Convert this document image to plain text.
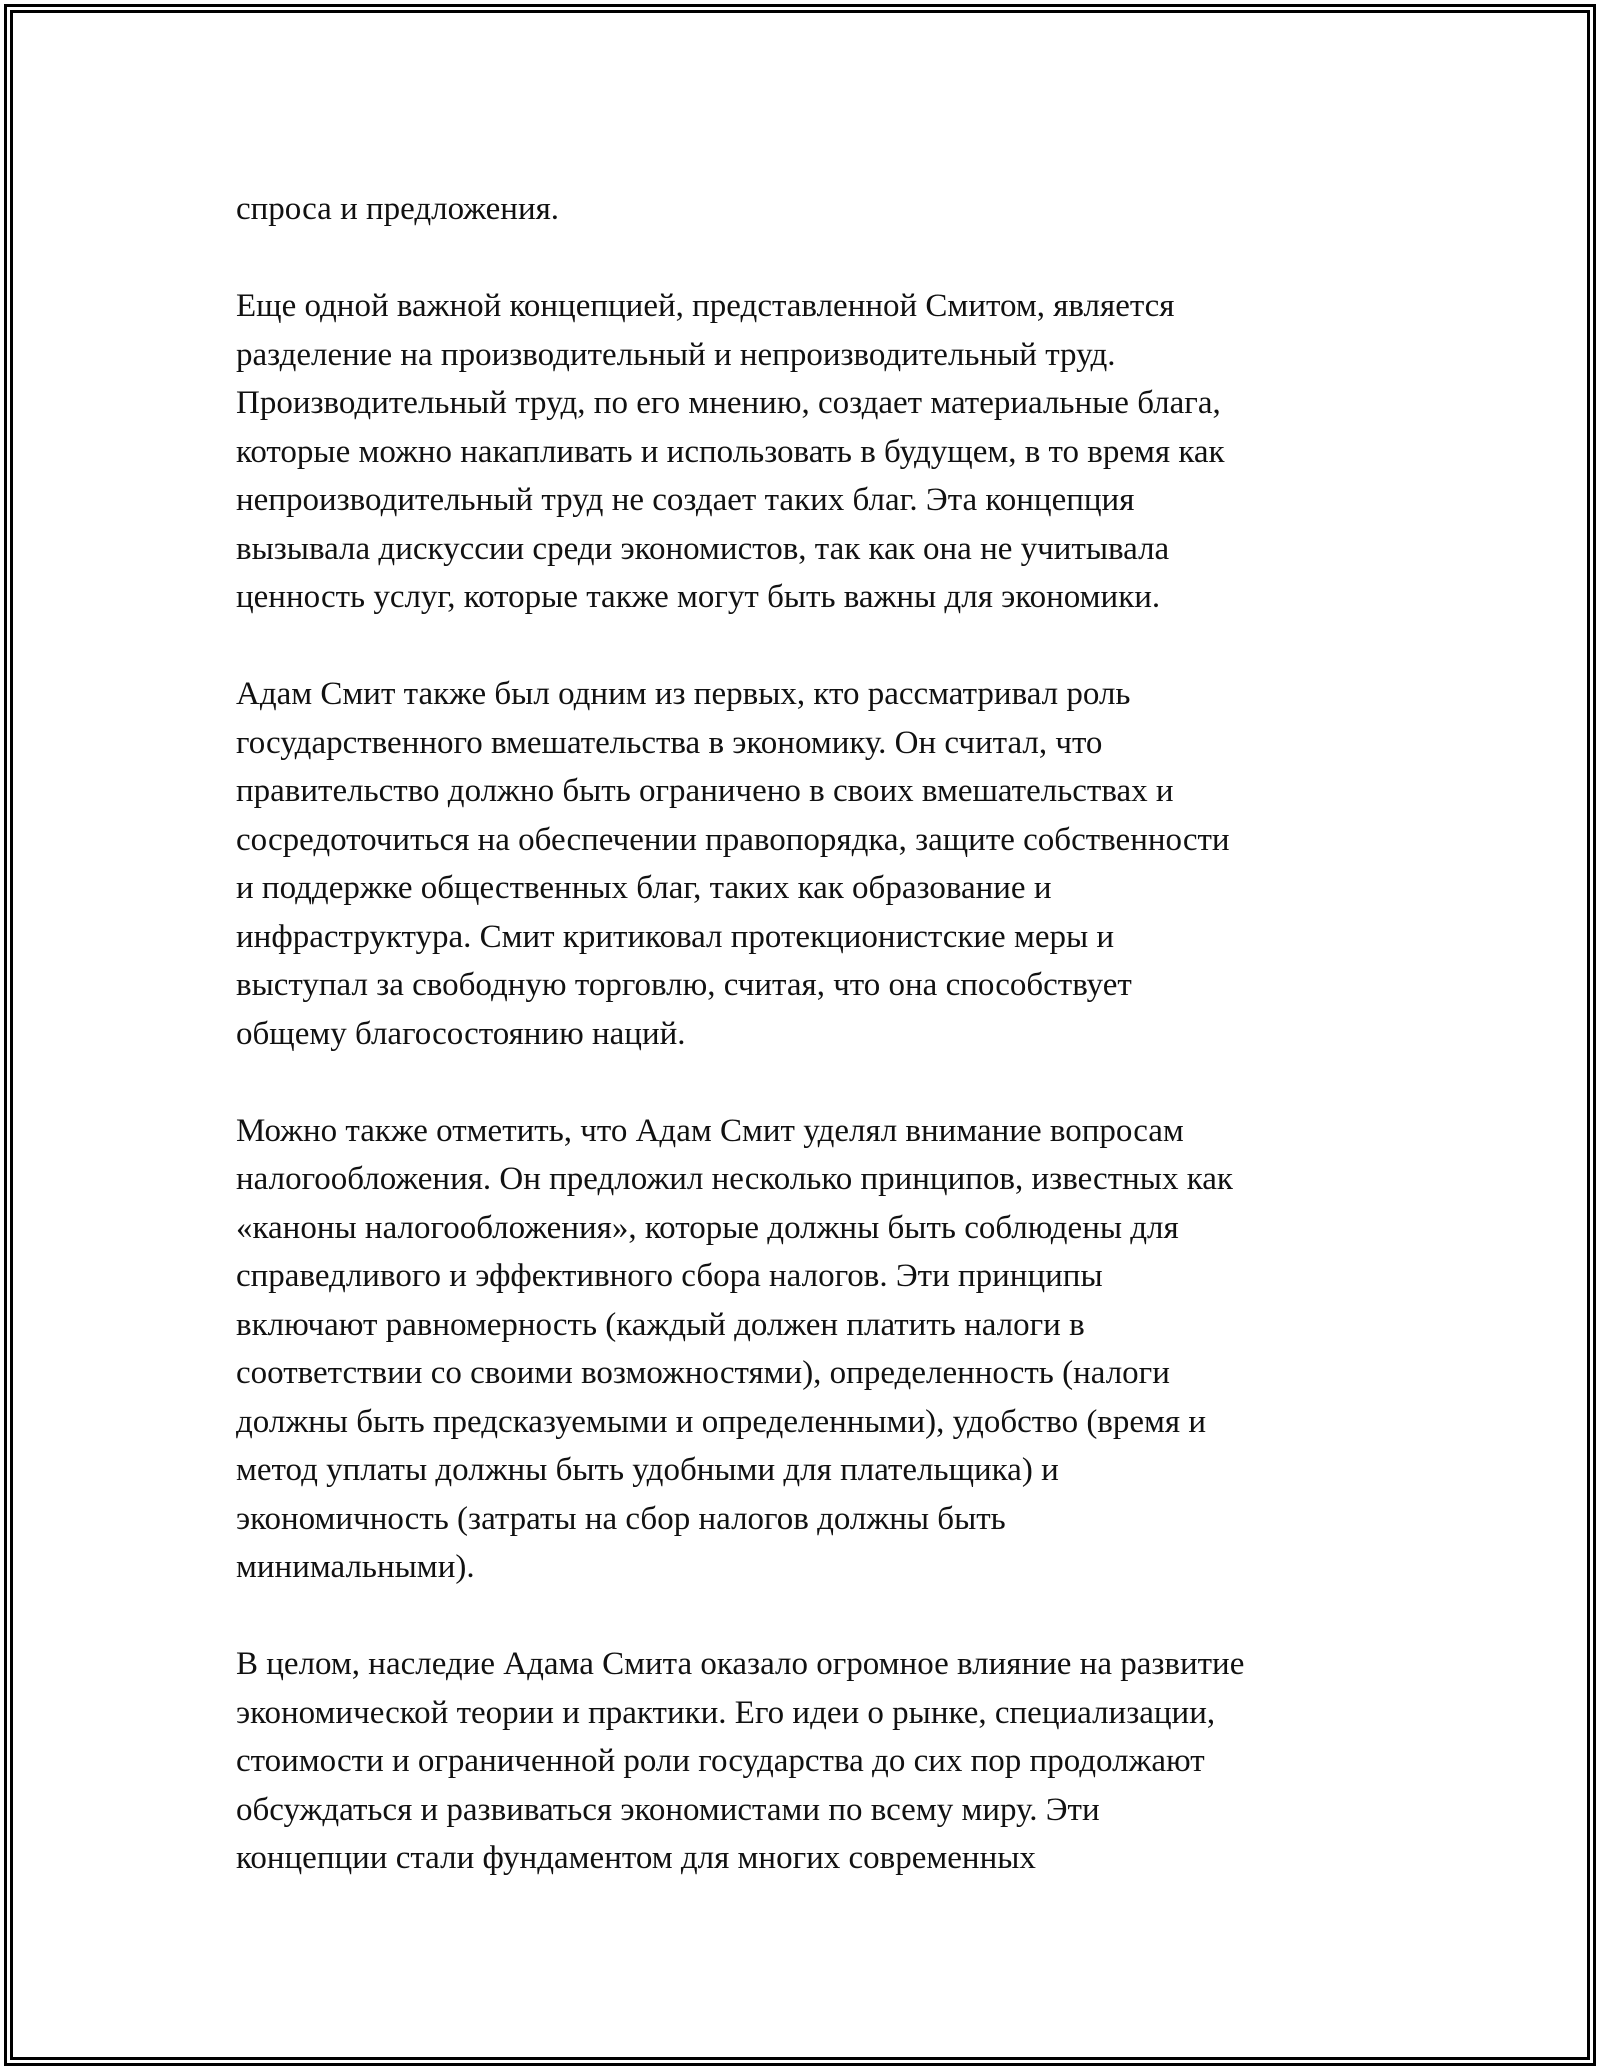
спроса и предложения.
Еще одной важной концепцией, представленной Смитом, является
разделение на производительный и непроизводительный труд.
Производительный труд, по его мнению, создает материальные блага,
которые можно накапливать и использовать в будущем, в то время как
непроизводительный труд не создает таких благ. Эта концепция
вызывала дискуссии среди экономистов, так как она не учитывала
ценность услуг, которые также могут быть важны для экономики.
Адам Смит также был одним из первых, кто рассматривал роль
государственного вмешательства в экономику. Он считал, что
правительство должно быть ограничено в своих вмешательствах и
сосредоточиться на обеспечении правопорядка, защите собственности
и поддержке общественных благ, таких как образование и
инфраструктура. Смит критиковал протекционистские меры и
выступал за свободную торговлю, считая, что она способствует
общему благосостоянию наций.
Можно также отметить, что Адам Смит уделял внимание вопросам
налогообложения. Он предложил несколько принципов, известных как
«каноны налогообложения», которые должны быть соблюдены для
справедливого и эффективного сбора налогов. Эти принципы
включают равномерность (каждый должен платить налоги в
соответствии со своими возможностями), определенность (налоги
должны быть предсказуемыми и определенными), удобство (время и
метод уплаты должны быть удобными для плательщика) и
экономичность (затраты на сбор налогов должны быть
минимальными).
В целом, наследие Адама Смита оказало огромное влияние на развитие
экономической теории и практики. Его идеи о рынке, специализации,
стоимости и ограниченной роли государства до сих пор продолжают
обсуждаться и развиваться экономистами по всему миру. Эти
концепции стали фундаментом для многих современных
